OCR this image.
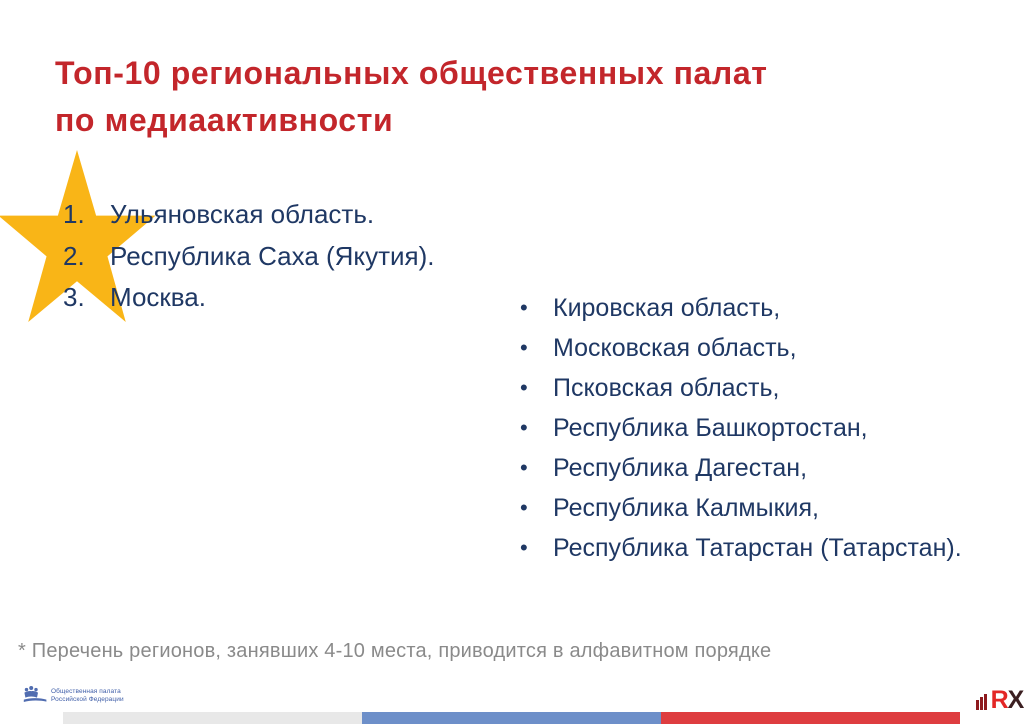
Топ-10 региональных общественных палат
по медиаактивности
1. Ульяновская область.
2. Республика Саха (Якутия).
3. Москва.	•	Кировская область,
•	Московская область,
•	Псковская область,
•	Республика Башкортостан,
•	Республика Дагестан,
•	Республика Калмыкия,
•	Республика Татарстан (Татарстан).
* Перечень регионов, занявших 4-10 места, приводится в алфавитном порядке
Общественная палата
Российской Федерации	RX
